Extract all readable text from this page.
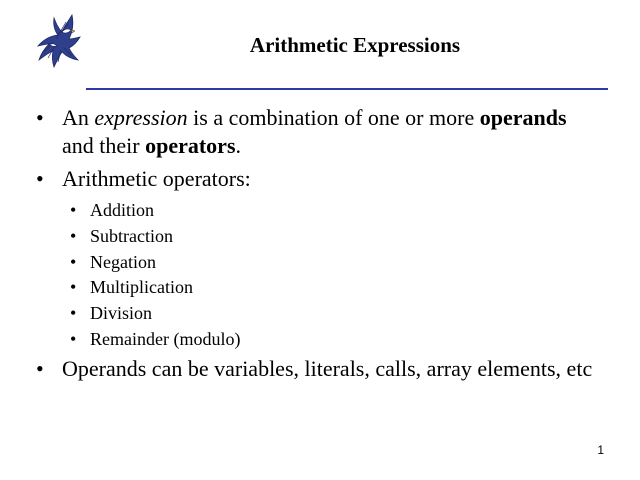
Arithmetic Expressions
• An expression is a combination of one or more operands and their operators.
• Arithmetic operators:
• Addition
• Subtraction
• Negation
• Multiplication
• Division
• Remainder (modulo)
• Operands can be variables, literals, calls, array elements, etc
1
